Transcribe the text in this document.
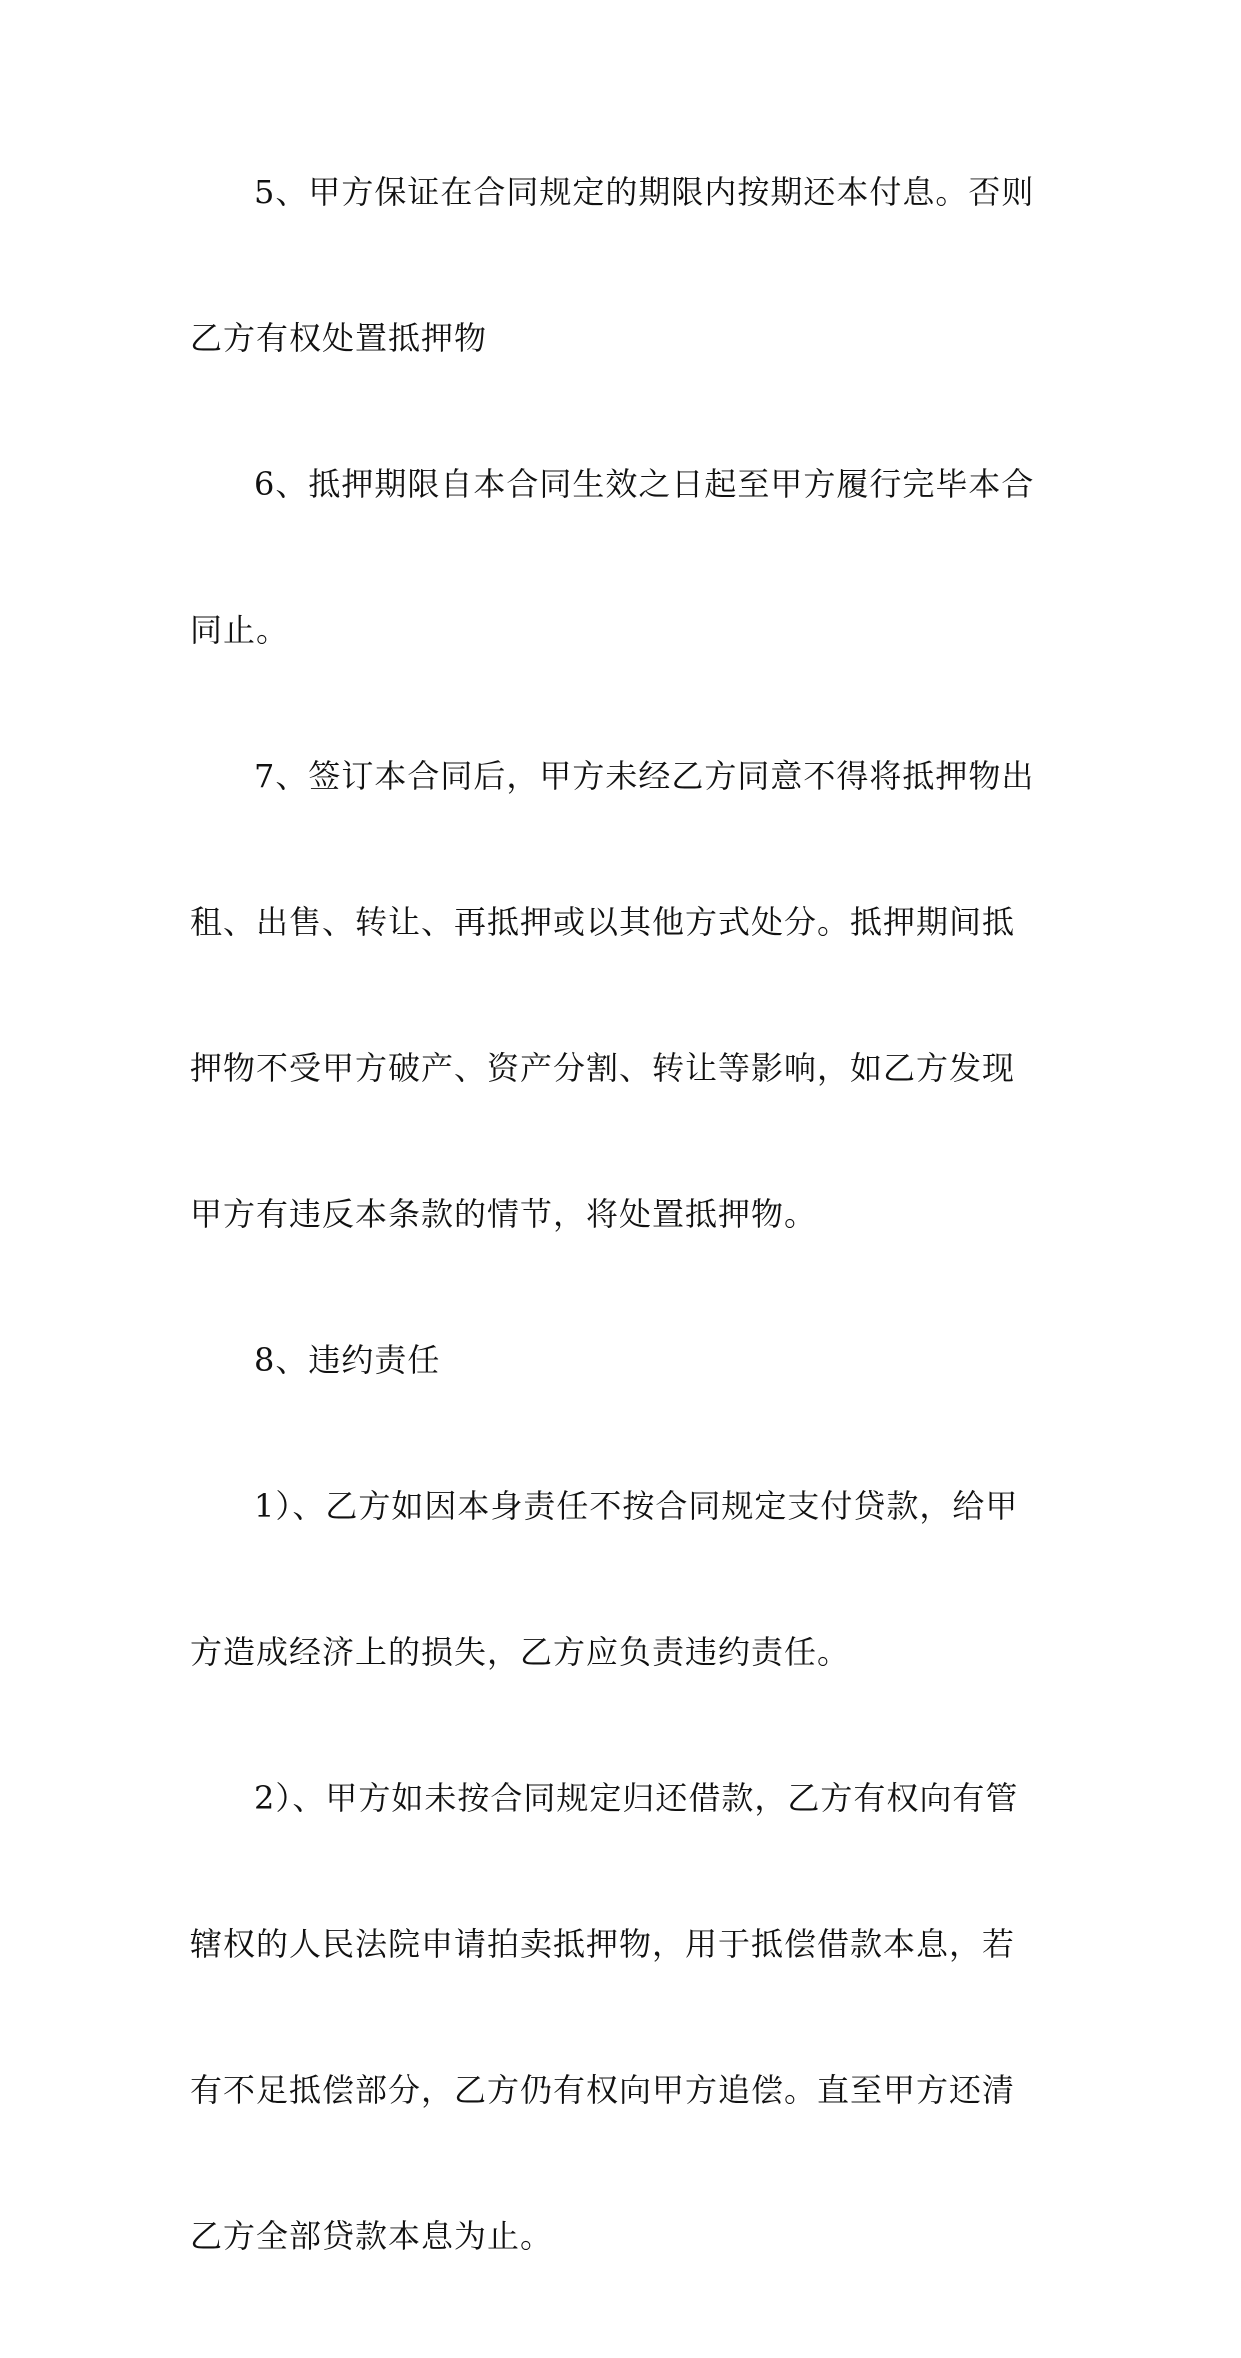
5、甲方保证在合同规定的期限内按期还本付息。否则
乙方有权处置抵押物
6、抵押期限自本合同生效之日起至甲方履行完毕本合
同止。
7、签订本合同后，甲方未经乙方同意不得将抵押物出
租、出售、转让、再抵押或以其他方式处分。抵押期间抵
押物不受甲方破产、资产分割、转让等影响，如乙方发现
甲方有违反本条款的情节，将处置抵押物。
8、违约责任
1）、乙方如因本身责任不按合同规定支付贷款，给甲
方造成经济上的损失，乙方应负责违约责任。
2）、甲方如未按合同规定归还借款，乙方有权向有管
辖权的人民法院申请拍卖抵押物，用于抵偿借款本息，若
有不足抵偿部分，乙方仍有权向甲方追偿。直至甲方还清
乙方全部贷款本息为止。
